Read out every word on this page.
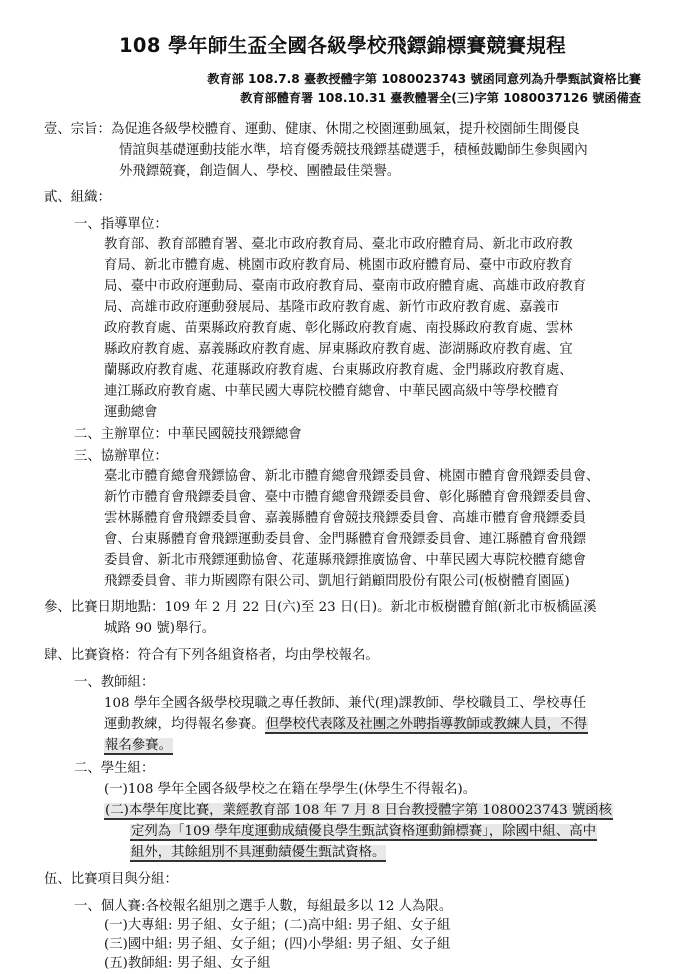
108 學年師生盃全國各級學校飛鏢錦標賽競賽規程
教育部 108.7.8 臺教授體字第 1080023743 號函同意列為升學甄試資格比賽
教育部體育署 108.10.31 臺教體署全(三)字第 1080037126 號函備查
壹、宗旨：為促進各級學校體育、運動、健康、休閒之校園運動風氣，提升校園師生間優良
情誼與基礎運動技能水準，培育優秀競技飛鏢基礎選手，積極鼓勵師生參與國內
外飛鏢競賽，創造個人、學校、團體最佳榮譽。
貳、組織：
一、指導單位：
教育部、教育部體育署、臺北市政府教育局、臺北市政府體育局、新北市政府教
育局、新北市體育處、桃園市政府教育局、桃園市政府體育局、臺中市政府教育
局、臺中市政府運動局、臺南市政府教育局、臺南市政府體育處、高雄市政府教育
局、高雄市政府運動發展局、基隆市政府教育處、新竹市政府教育處、嘉義市
政府教育處、苗栗縣政府教育處、彰化縣政府教育處、南投縣政府教育處、雲林
縣政府教育處、嘉義縣政府教育處、屏東縣政府教育處、澎湖縣政府教育處、宜
蘭縣政府教育處、花蓮縣政府教育處、台東縣政府教育處、金門縣政府教育處、
連江縣政府教育處、中華民國大專院校體育總會、中華民國高級中等學校體育
運動總會
二、主辦單位：中華民國競技飛鏢總會
三、協辦單位：
臺北市體育總會飛鏢協會、新北市體育總會飛鏢委員會、桃園市體育會飛鏢委員會、
新竹市體育會飛鏢委員會、臺中市體育總會飛鏢委員會、彰化縣體育會飛鏢委員會、
雲林縣體育會飛鏢委員會、嘉義縣體育會競技飛鏢委員會、高雄市體育會飛鏢委員
會、台東縣體育會飛鏢運動委員會、金門縣體育會飛鏢委員會、連江縣體育會飛鏢
委員會、新北市飛鏢運動協會、花蓮縣飛鏢推廣協會、中華民國大專院校體育總會
飛鏢委員會、菲力斯國際有限公司、凱旭行銷顧問股份有限公司(板樹體育園區)
參、比賽日期地點：109 年 2 月 22 日(六)至 23 日(日)。新北市板樹體育館(新北市板橋區溪
城路 90 號)舉行。
肆、比賽資格：符合有下列各組資格者，均由學校報名。
一、教師組：
108 學年全國各級學校現職之專任教師、兼代(理)課教師、學校職員工、學校專任
運動教練，均得報名參賽。但學校代表隊及社團之外聘指導教師或教練人員，不得
報名參賽。
二、學生組：
(一)108 學年全國各級學校之在籍在學學生(休學生不得報名)。
(二)本學年度比賽，業經教育部 108 年 7 月 8 日台教授體字第 1080023743 號函核
定列為「109 學年度運動成績優良學生甄試資格運動錦標賽」，除國中組、高中
組外，其餘組別不具運動績優生甄試資格。
伍、比賽項目與分組：
一、個人賽:各校報名組別之選手人數，每組最多以 12 人為限。
(一)大專組: 男子組、女子組；(二)高中組: 男子組、女子組
(三)國中組: 男子組、女子組；(四)小學組: 男子組、女子組
(五)教師組: 男子組、女子組
